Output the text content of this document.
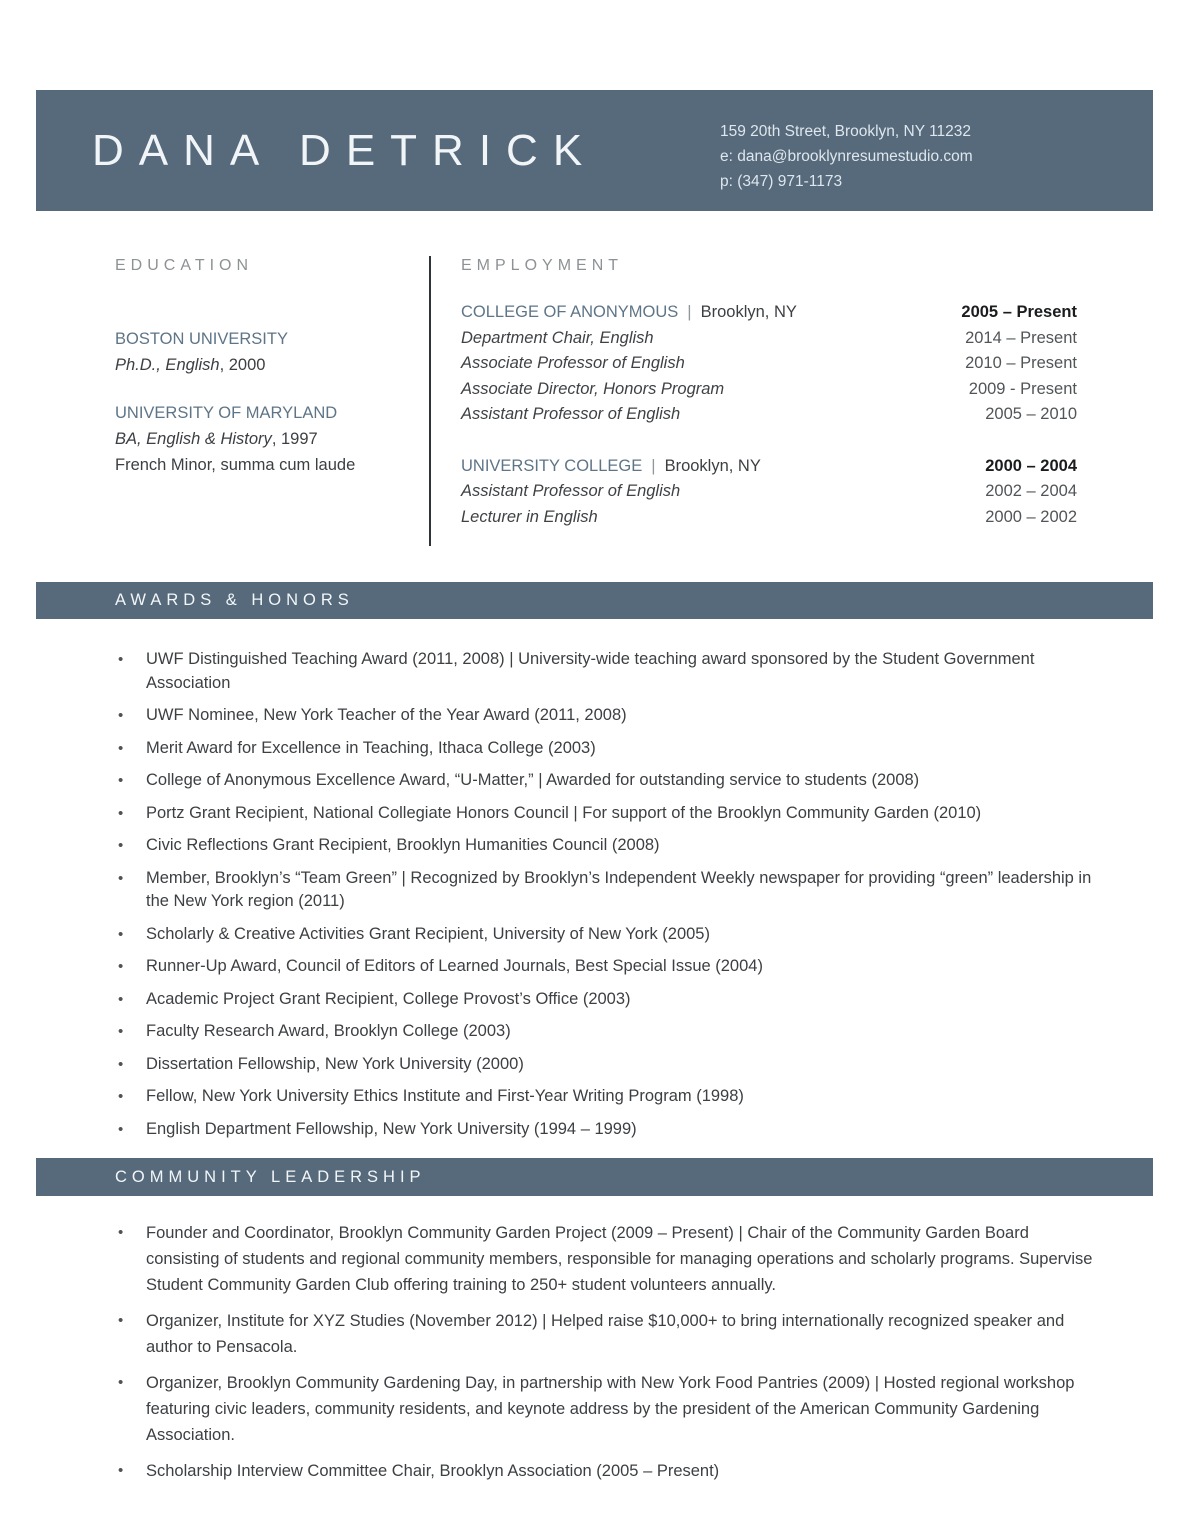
DANA DETRICK	159 20th Street, Brooklyn, NY 11232
e: dana@brooklynresumestudio.com
p: (347) 971-1173
EDUCATION
BOSTON UNIVERSITY
Ph.D., English, 2000
UNIVERSITY OF MARYLAND
BA, English & History, 1997
French Minor, summa cum laude
EMPLOYMENT
COLLEGE OF ANONYMOUS | Brooklyn, NY	2005 – Present
Department Chair, English	2014 – Present
Associate Professor of English	2010 – Present
Associate Director, Honors Program	2009 - Present
Assistant Professor of English	2005 – 2010
UNIVERSITY COLLEGE | Brooklyn, NY	2000 – 2004
Assistant Professor of English	2002 – 2004
Lecturer in English	2000 – 2002
AWARDS & HONORS
• UWF Distinguished Teaching Award (2011, 2008) | University-wide teaching award sponsored by the Student Government Association
• UWF Nominee, New York Teacher of the Year Award (2011, 2008)
• Merit Award for Excellence in Teaching, Ithaca College (2003)
• College of Anonymous Excellence Award, “U-Matter,” | Awarded for outstanding service to students (2008)
• Portz Grant Recipient, National Collegiate Honors Council | For support of the Brooklyn Community Garden (2010)
• Civic Reflections Grant Recipient, Brooklyn Humanities Council (2008)
• Member, Brooklyn’s “Team Green” | Recognized by Brooklyn’s Independent Weekly newspaper for providing “green” leadership in the New York region (2011)
• Scholarly & Creative Activities Grant Recipient, University of New York (2005)
• Runner-Up Award, Council of Editors of Learned Journals, Best Special Issue (2004)
• Academic Project Grant Recipient, College Provost’s Office (2003)
• Faculty Research Award, Brooklyn College (2003)
• Dissertation Fellowship, New York University (2000)
• Fellow, New York University Ethics Institute and First-Year Writing Program (1998)
• English Department Fellowship, New York University (1994 – 1999)
COMMUNITY LEADERSHIP
• Founder and Coordinator, Brooklyn Community Garden Project (2009 – Present) | Chair of the Community Garden Board consisting of students and regional community members, responsible for managing operations and scholarly programs. Supervise Student Community Garden Club offering training to 250+ student volunteers annually.
• Organizer, Institute for XYZ Studies (November 2012) | Helped raise $10,000+ to bring internationally recognized speaker and author to Pensacola.
• Organizer, Brooklyn Community Gardening Day, in partnership with New York Food Pantries (2009) | Hosted regional workshop featuring civic leaders, community residents, and keynote address by the president of the American Community Gardening Association.
• Scholarship Interview Committee Chair, Brooklyn Association (2005 – Present)
